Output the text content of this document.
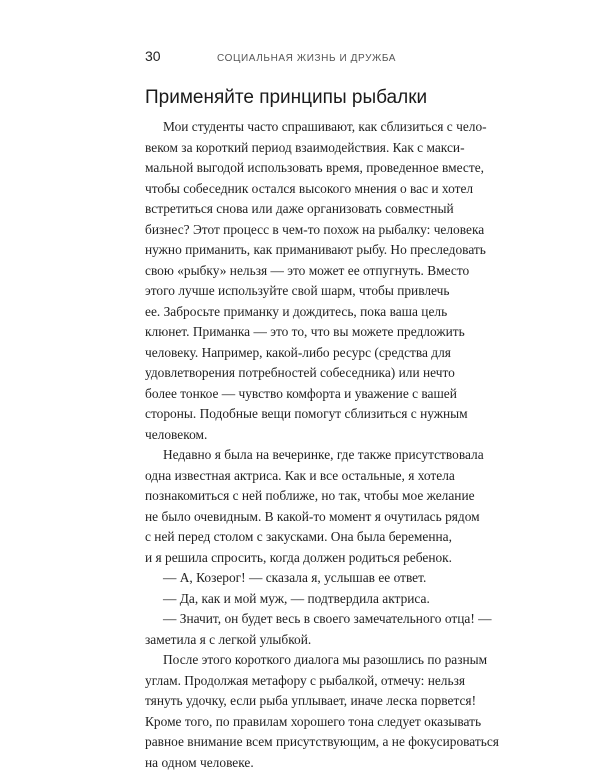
30	СОЦИАЛЬНАЯ ЖИЗНЬ И ДРУЖБА
Применяйте принципы рыбалки
Мои студенты часто спрашивают, как сблизиться с чело-
веком за короткий период взаимодействия. Как с макси-
мальной выгодой использовать время, проведенное вместе,
чтобы собеседник остался высокого мнения о вас и хотел
встретиться снова или даже организовать совместный
бизнес? Этот процесс в чем-то похож на рыбалку: человека
нужно приманить, как приманивают рыбу. Но преследовать
свою «рыбку» нельзя — это может ее отпугнуть. Вместо
этого лучше используйте свой шарм, чтобы привлечь
ее. Забросьте приманку и дождитесь, пока ваша цель
клюнет. Приманка — это то, что вы можете предложить
человеку. Например, какой-либо ресурс (средства для
удовлетворения потребностей собеседника) или нечто
более тонкое — чувство комфорта и уважение с вашей
стороны. Подобные вещи помогут сблизиться с нужным
человеком.
Недавно я была на вечеринке, где также присутствовала
одна известная актриса. Как и все остальные, я хотела
познакомиться с ней поближе, но так, чтобы мое желание
не было очевидным. В какой-то момент я очутилась рядом
с ней перед столом с закусками. Она была беременна,
и я решила спросить, когда должен родиться ребенок.
— А, Козерог! — сказала я, услышав ее ответ.
— Да, как и мой муж, — подтвердила актриса.
— Значит, он будет весь в своего замечательного отца! —
заметила я с легкой улыбкой.
После этого короткого диалога мы разошлись по разным
углам. Продолжая метафору с рыбалкой, отмечу: нельзя
тянуть удочку, если рыба уплывает, иначе леска порвется!
Кроме того, по правилам хорошего тона следует оказывать
равное внимание всем присутствующим, а не фокусироваться
на одном человеке.
